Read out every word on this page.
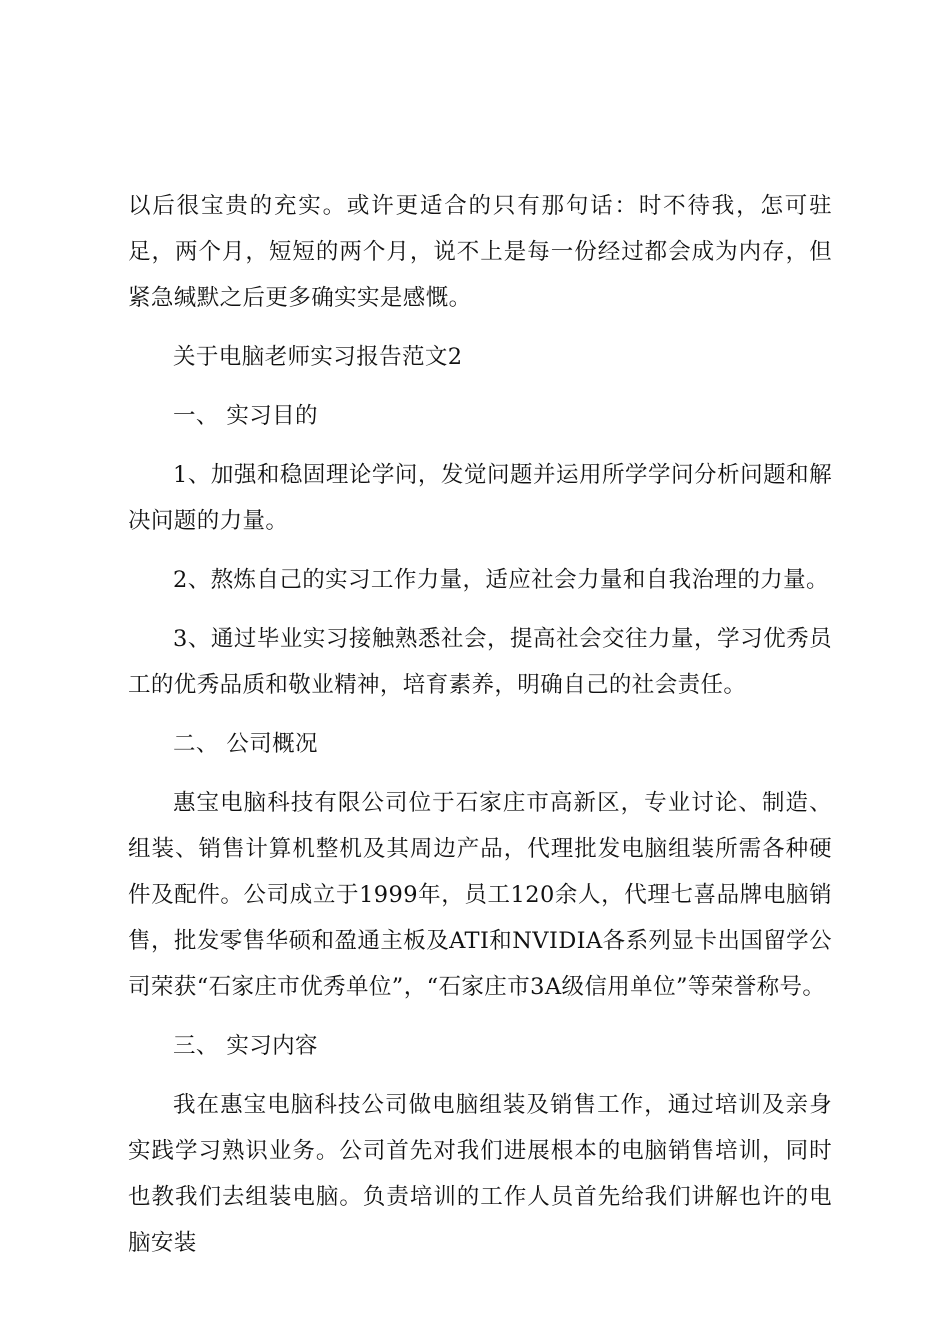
以后很宝贵的充实。或许更适合的只有那句话：时不待我，怎可驻足，两个月，短短的两个月，说不上是每一份经过都会成为内存，但紧急缄默之后更多确实实是感慨。

关于电脑老师实习报告范文2

一、 实习目的

1、加强和稳固理论学问，发觉问题并运用所学学问分析问题和解决问题的力量。

2、熬炼自己的实习工作力量，适应社会力量和自我治理的力量。

3、通过毕业实习接触熟悉社会，提高社会交往力量，学习优秀员工的优秀品质和敬业精神，培育素养，明确自己的社会责任。

二、 公司概况

惠宝电脑科技有限公司位于石家庄市高新区，专业讨论、制造、组装、销售计算机整机及其周边产品，代理批发电脑组装所需各种硬件及配件。公司成立于1999年，员工120余人，代理七喜品牌电脑销售，批发零售华硕和盈通主板及ATI和NVIDIA各系列显卡出国留学公司荣获“石家庄市优秀单位”，“石家庄市3A级信用单位”等荣誉称号。

三、 实习内容

我在惠宝电脑科技公司做电脑组装及销售工作，通过培训及亲身实践学习熟识业务。公司首先对我们进展根本的电脑销售培训，同时也教我们去组装电脑。负责培训的工作人员首先给我们讲解也许的电脑安装
